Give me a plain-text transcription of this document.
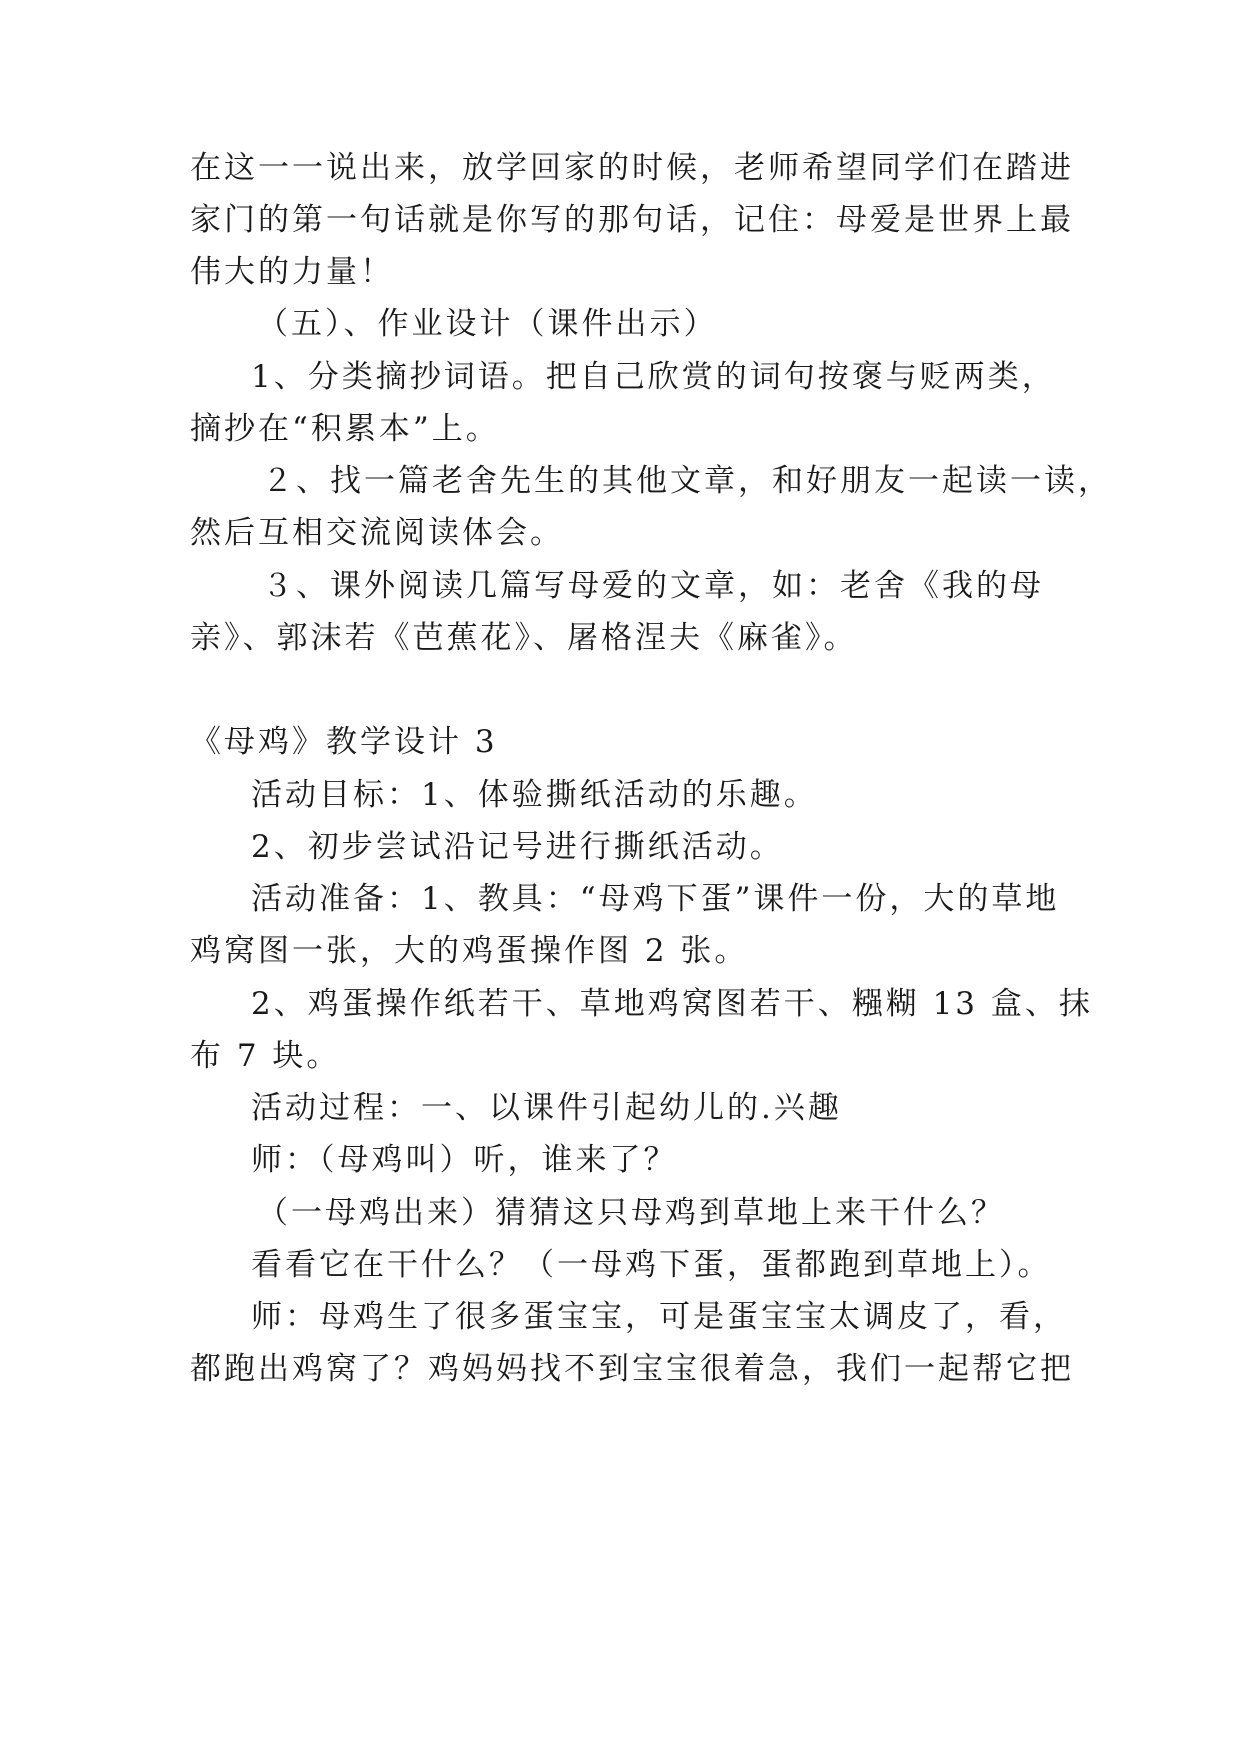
在这一一说出来，放学回家的时候，老师希望同学们在踏进
家门的第一句话就是你写的那句话，记住：母爱是世界上最
伟大的力量！
（五）、作业设计（课件出示）
1、分类摘抄词语。把自己欣赏的词句按褒与贬两类，
摘抄在“积累本”上。
２、找一篇老舍先生的其他文章，和好朋友一起读一读，
然后互相交流阅读体会。
３、课外阅读几篇写母爱的文章，如：老舍《我的母
亲》、郭沫若《芭蕉花》、屠格涅夫《麻雀》。
《母鸡》教学设计 3
活动目标：1、体验撕纸活动的乐趣。
2、初步尝试沿记号进行撕纸活动。
活动准备：1、教具：“母鸡下蛋”课件一份，大的草地
鸡窝图一张，大的鸡蛋操作图 2 张。
2、鸡蛋操作纸若干、草地鸡窝图若干、糨糊 13 盒、抹
布 7 块。
活动过程：一、以课件引起幼儿的.兴趣
师：（母鸡叫）听，谁来了？
（一母鸡出来）猜猜这只母鸡到草地上来干什么？
看看它在干什么？（一母鸡下蛋，蛋都跑到草地上）。
师：母鸡生了很多蛋宝宝，可是蛋宝宝太调皮了，看，
都跑出鸡窝了？鸡妈妈找不到宝宝很着急，我们一起帮它把
